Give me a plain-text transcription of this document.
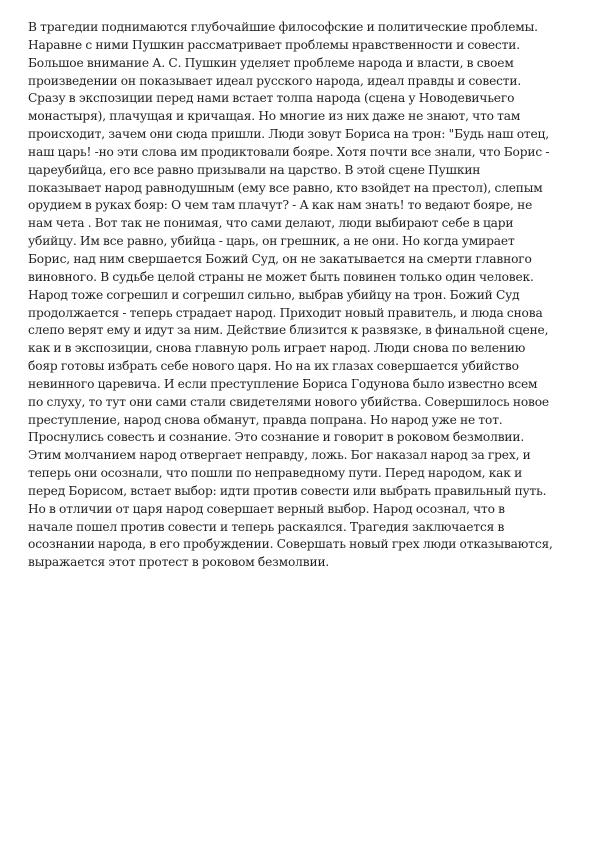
В трагедии поднимаются глубочайшие философские и политические проблемы.
Наравне с ними Пушкин рассматривает проблемы нравственности и совести.
Большое внимание А. С. Пушкин уделяет проблеме народа и власти, в своем
произведении он показывает идеал русского народа, идеал правды и совести.
Сразу в экспозиции перед нами встает толпа народа (сцена у Новодевичьего
монастыря), плачущая и кричащая. Но многие из них даже не знают, что там
происходит, зачем они сюда пришли. Люди зовут Бориса на трон: "Будь наш отец,
наш царь! -но эти слова им продиктовали бояре. Хотя почти все знали, что Борис -
цареубийца, его все равно призывали на царство. В этой сцене Пушкин
показывает народ равнодушным (ему все равно, кто взойдет на престол), слепым
орудием в руках бояр: О чем там плачут? - А как нам знать! то ведают бояре, не
нам чета . Вот так не понимая, что сами делают, люди выбирают себе в цари
убийцу. Им все равно, убийца - царь, он грешник, а не они. Но когда умирает
Борис, над ним свершается Божий Суд, он не закатывается на смерти главного
виновного. В судьбе целой страны не может быть повинен только один человек.
Народ тоже согрешил и согрешил сильно, выбрав убийцу на трон. Божий Суд
продолжается - теперь страдает народ. Приходит новый правитель, и люда снова
слепо верят ему и идут за ним. Действие близится к развязке, в финальной сцене,
как и в экспозиции, снова главную роль играет народ. Люди снова по велению
бояр готовы избрать себе нового царя. Но на их глазах совершается убийство
невинного царевича. И если преступление Бориса Годунова было известно всем
по слуху, то тут они сами стали свидетелями нового убийства. Совершилось новое
преступление, народ снова обманут, правда попрана. Но народ уже не тот.
Проснулись совесть и сознание. Это сознание и говорит в роковом безмолвии.
Этим молчанием народ отвергает неправду, ложь. Бог наказал народ за грех, и
теперь они осознали, что пошли по неправедному пути. Перед народом, как и
перед Борисом, встает выбор: идти против совести или выбрать правильный путь.
Но в отличии от царя народ совершает верный выбор. Народ осознал, что в
начале пошел против совести и теперь раскаялся. Трагедия заключается в
осознании народа, в его пробуждении. Совершать новый грех люди отказываются,
выражается этот протест в роковом безмолвии.
